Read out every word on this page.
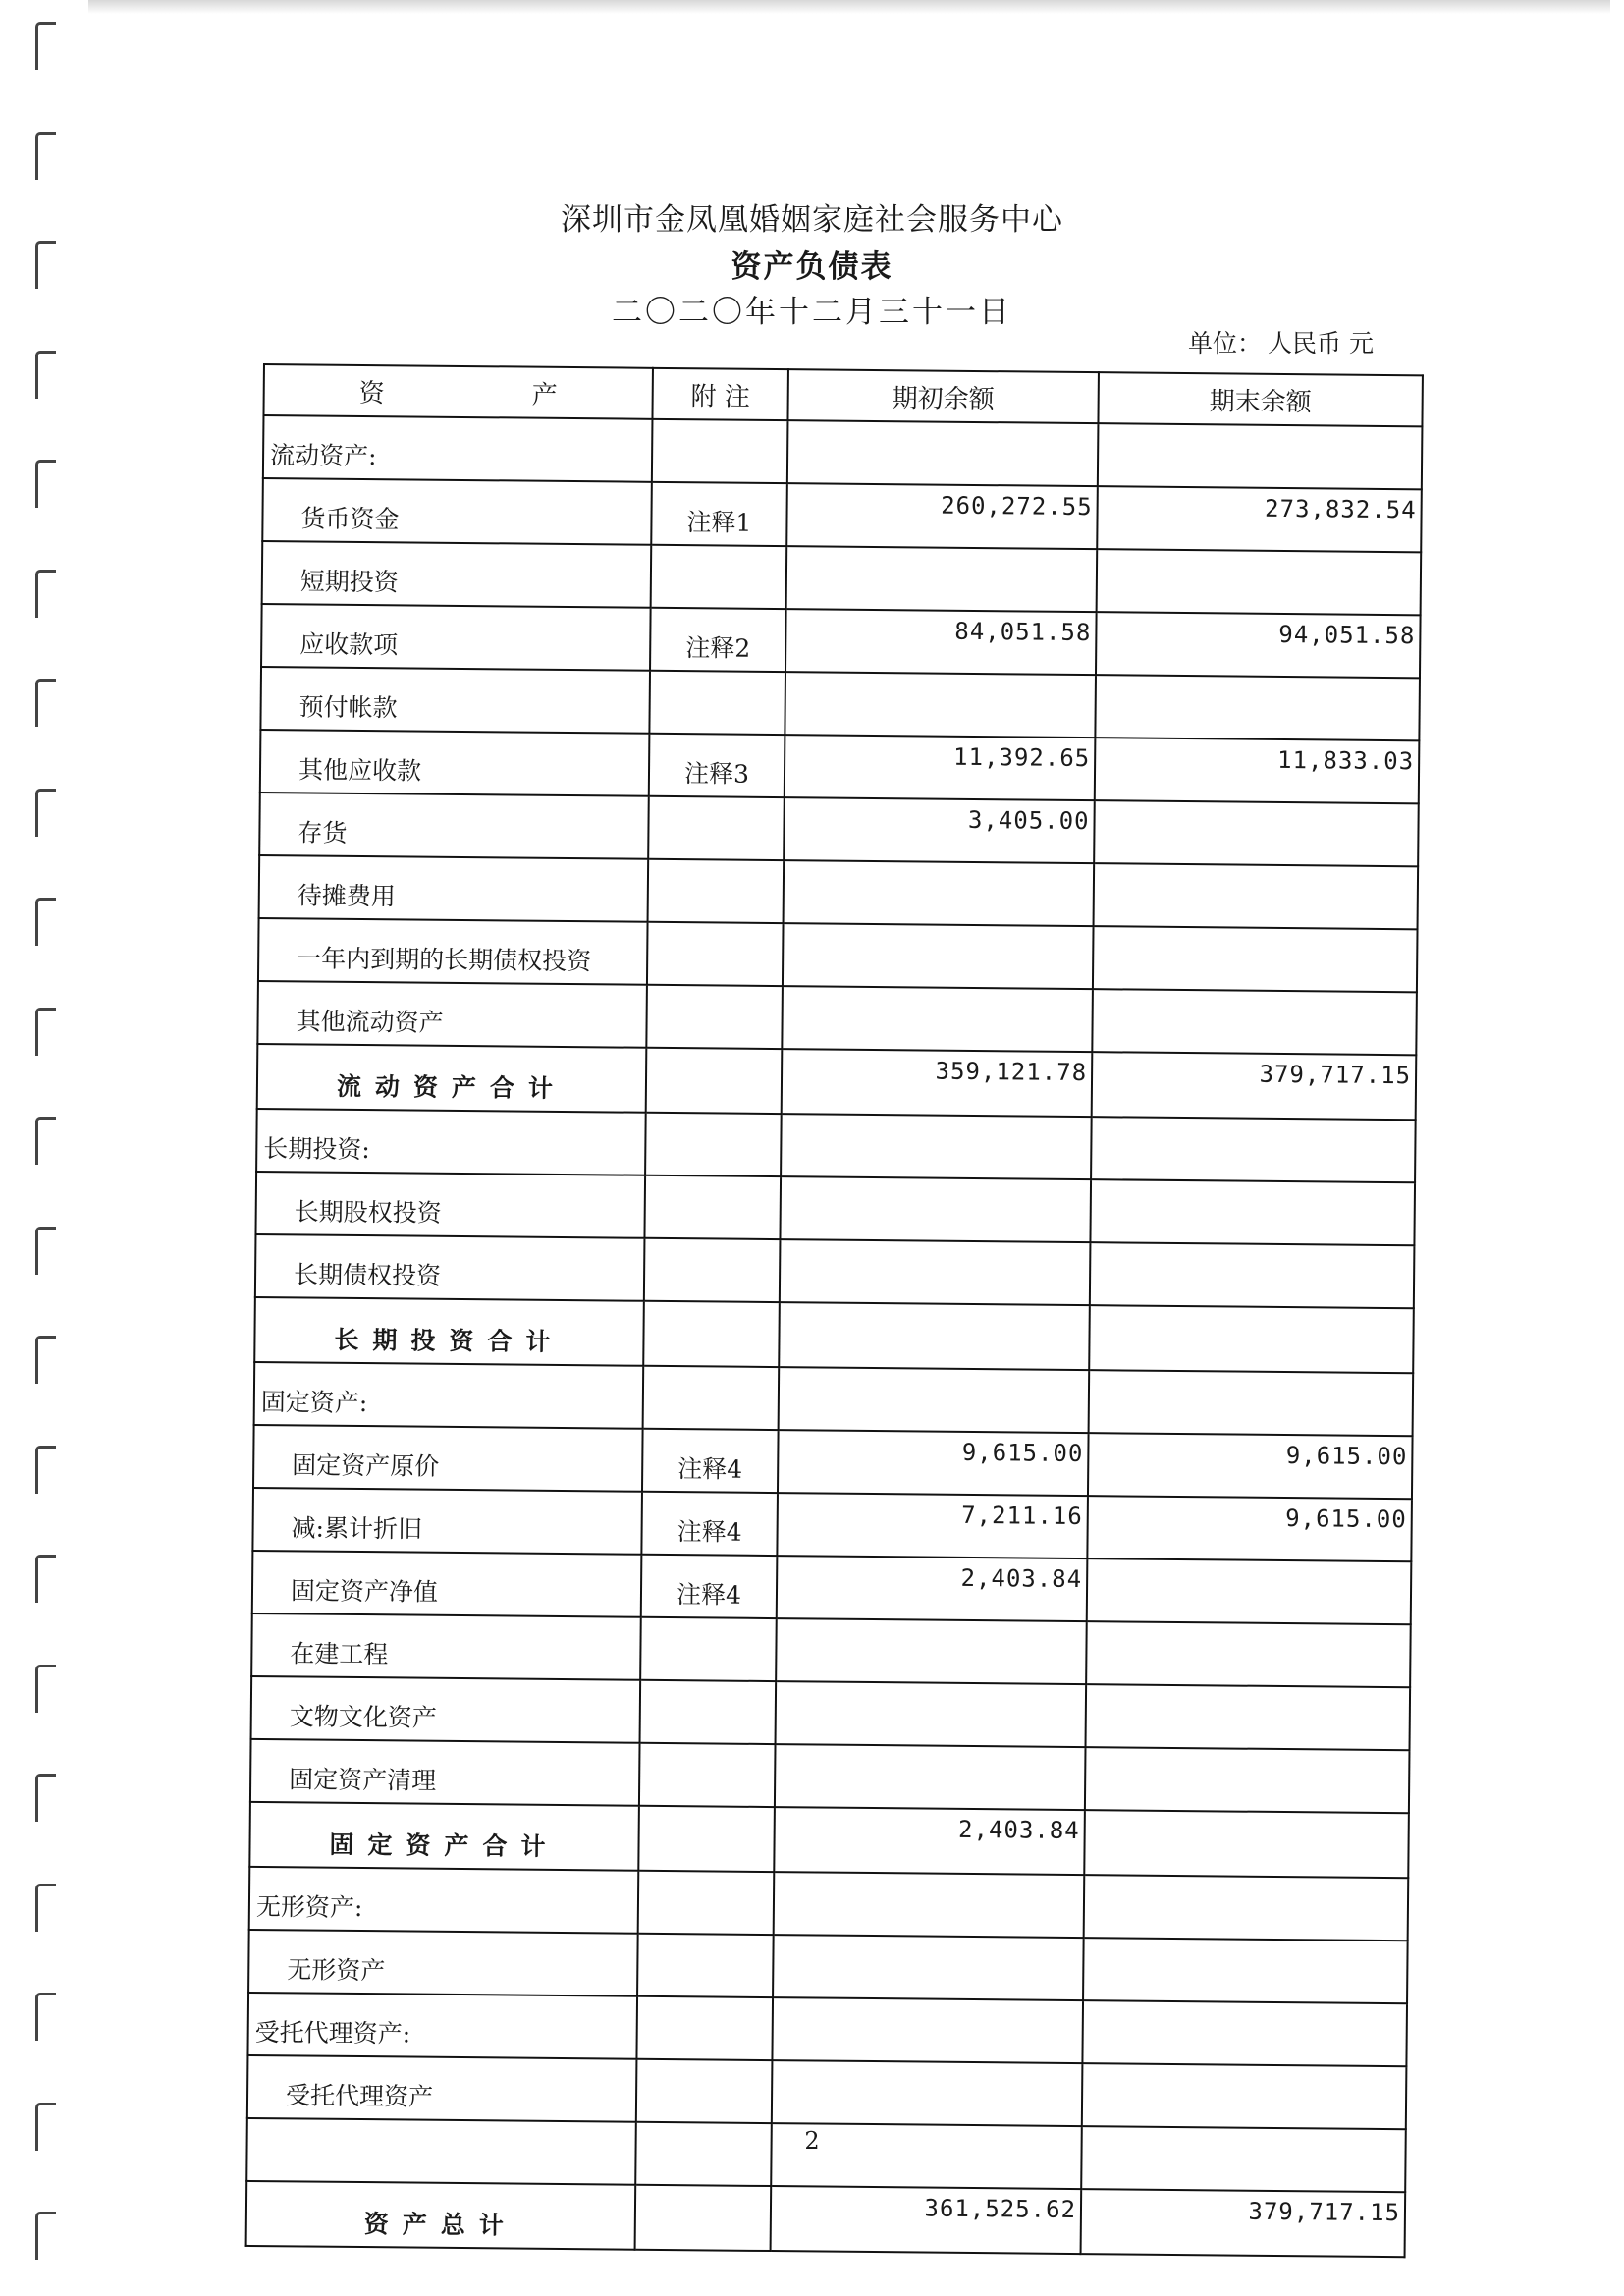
深圳市金凤凰婚姻家庭社会服务中心
资产负债表
二〇二〇年十二月三十一日
单位： 人民币 元
资 产	附 注	期初余额	期末余额
流动资产:			
货币资金	注释1	260,272.55	273,832.54
短期投资			
应收款项	注释2	84,051.58	94,051.58
预付帐款			
其他应收款	注释3	11,392.65	11,833.03
存货		3,405.00	
待摊费用			
一年内到期的长期债权投资			
其他流动资产			
流动资产合计		359,121.78	379,717.15
长期投资:			
长期股权投资			
长期债权投资			
长期投资合计			
固定资产:			
固定资产原价	注释4	9,615.00	9,615.00
减:累计折旧	注释4	7,211.16	9,615.00
固定资产净值	注释4	2,403.84	
在建工程			
文物文化资产			
固定资产清理			
固定资产合计		2,403.84	
无形资产:			
无形资产			
受托代理资产:			
受托代理资产			

资产总计		361,525.62	379,717.15
2
